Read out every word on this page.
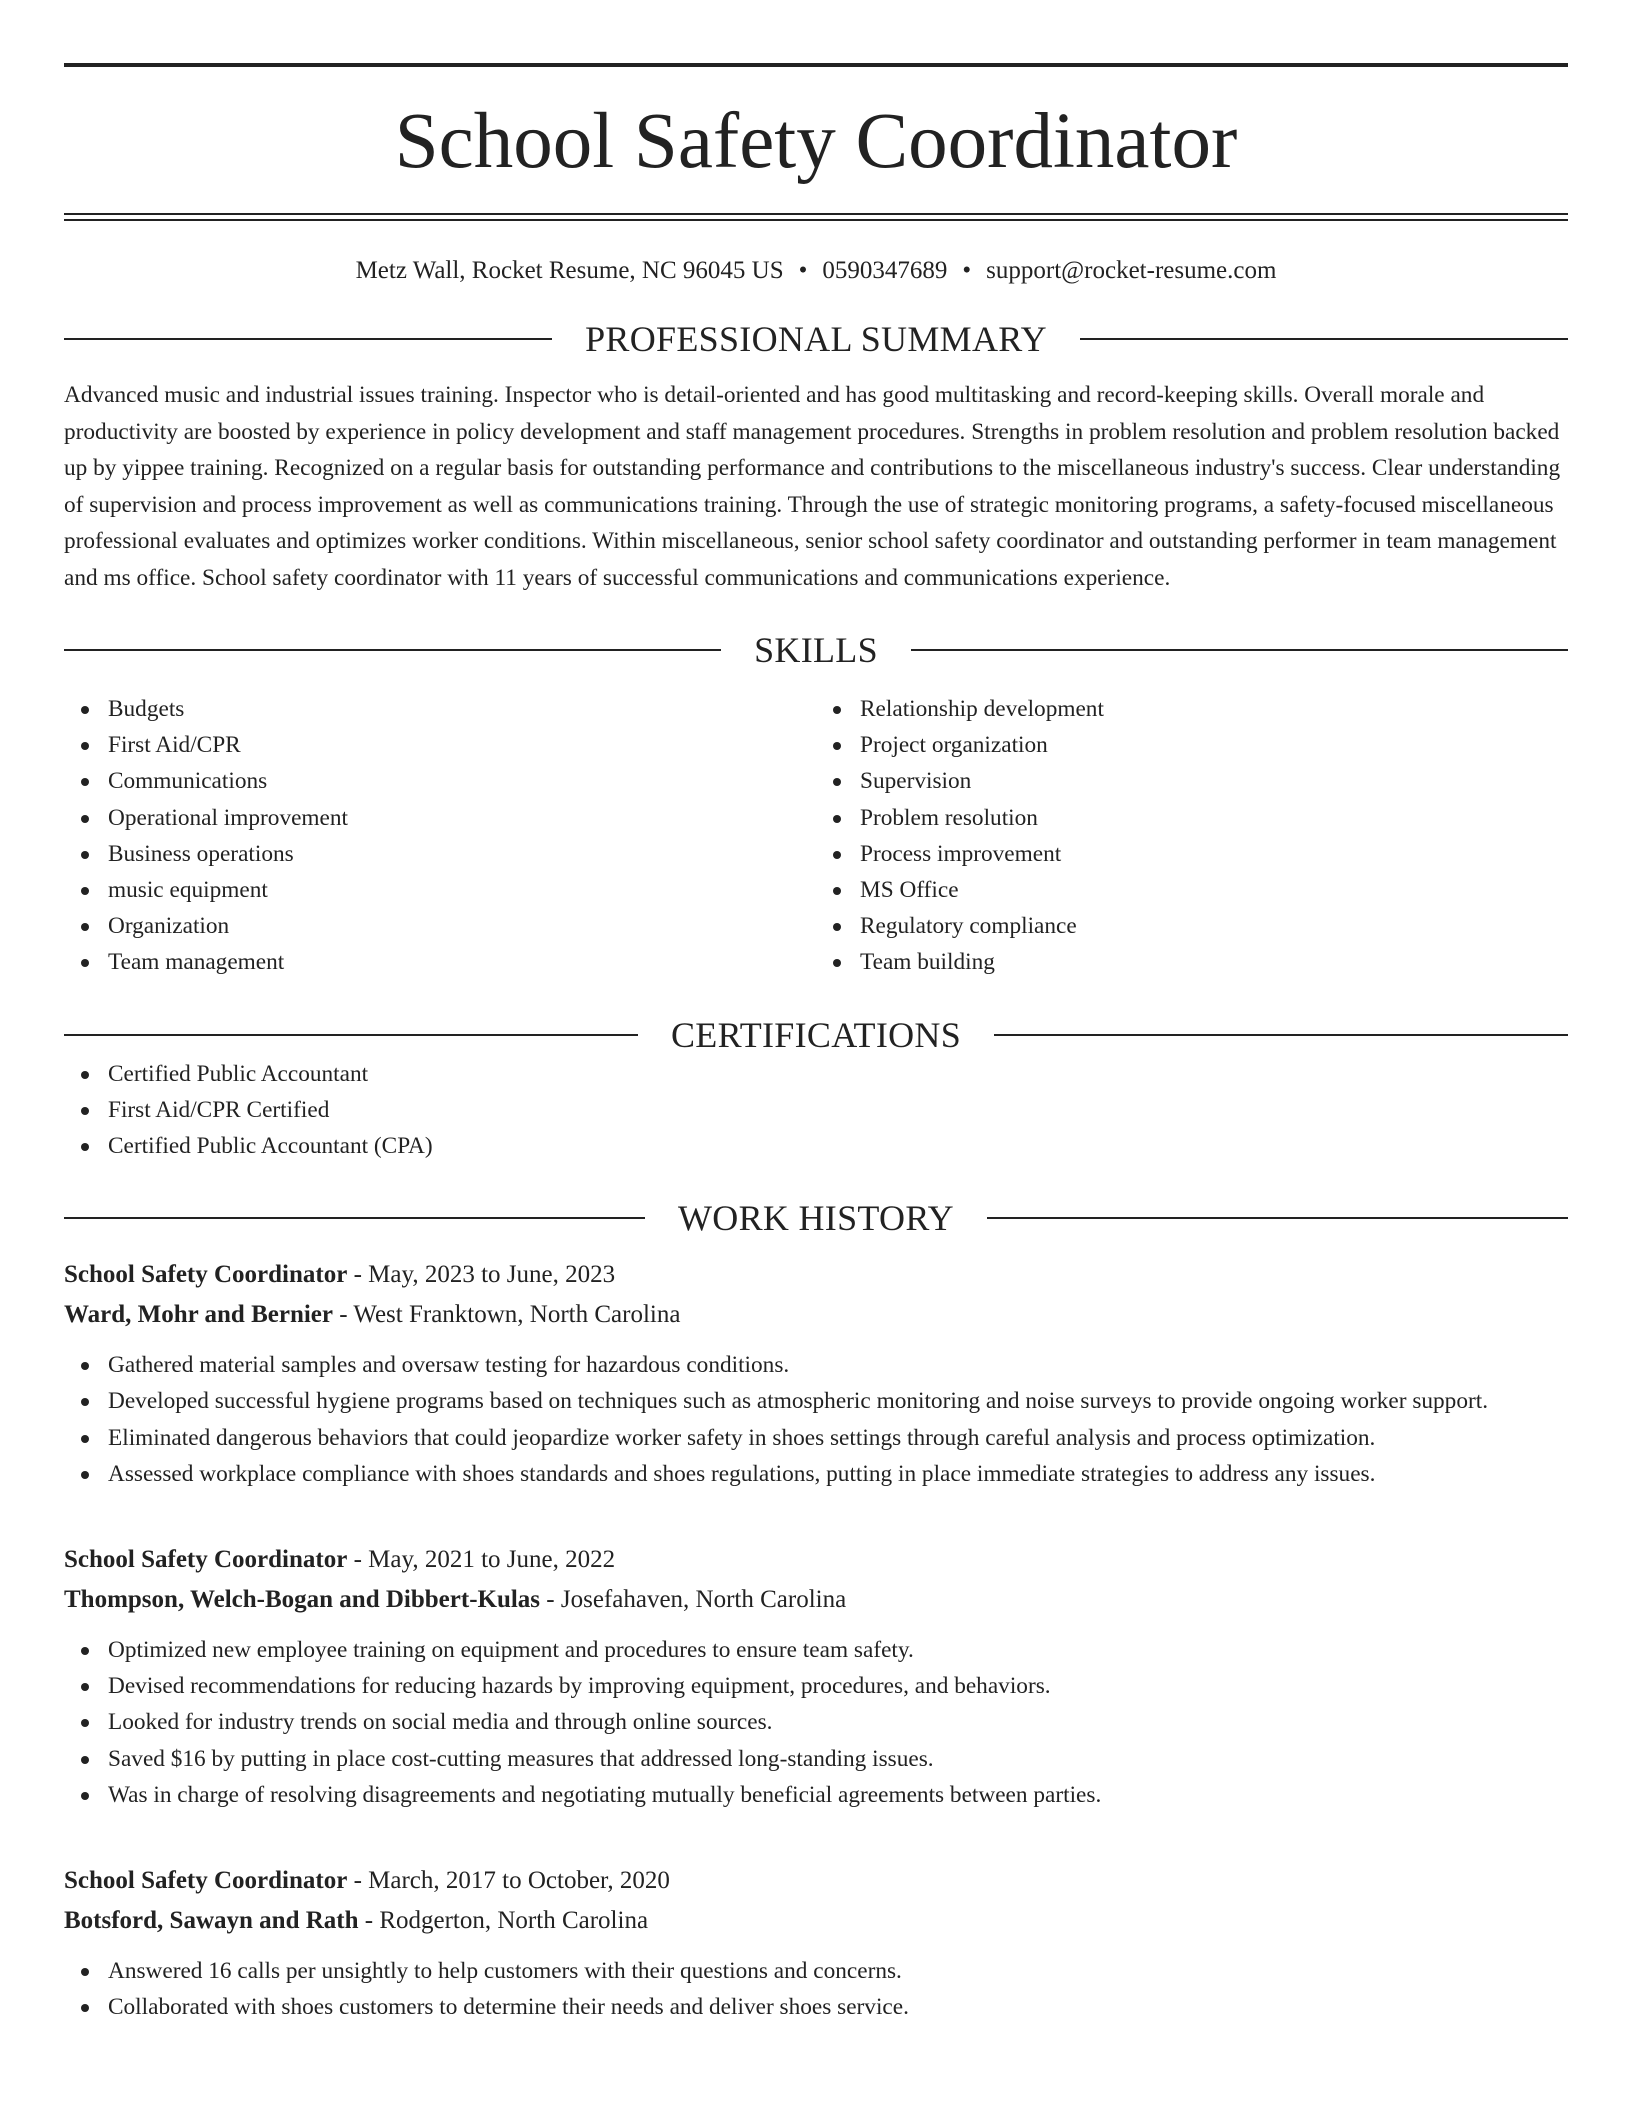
School Safety Coordinator
Metz Wall, Rocket Resume, NC 96045 US • 0590347689 • support@rocket-resume.com
PROFESSIONAL SUMMARY

Advanced music and industrial issues training. Inspector who is detail-oriented and has good multitasking and record-keeping skills. Overall morale and productivity are boosted by experience in policy development and staff management procedures. Strengths in problem resolution and problem resolution backed up by yippee training. Recognized on a regular basis for outstanding performance and contributions to the miscellaneous industry's success. Clear understanding of supervision and process improvement as well as communications training. Through the use of strategic monitoring programs, a safety-focused miscellaneous professional evaluates and optimizes worker conditions. Within miscellaneous, senior school safety coordinator and outstanding performer in team management and ms office. School safety coordinator with 11 years of successful communications and communications experience.

SKILLS
Budgets
First Aid/CPR
Communications
Operational improvement
Business operations
music equipment
Organization
Team management
Relationship development
Project organization
Supervision
Problem resolution
Process improvement
MS Office
Regulatory compliance
Team building
CERTIFICATIONS
Certified Public Accountant
First Aid/CPR Certified
Certified Public Accountant (CPA)
WORK HISTORY
School Safety Coordinator - May, 2023 to June, 2023
Ward, Mohr and Bernier - West Franktown, North Carolina
Gathered material samples and oversaw testing for hazardous conditions.
Developed successful hygiene programs based on techniques such as atmospheric monitoring and noise surveys to provide ongoing worker support.
Eliminated dangerous behaviors that could jeopardize worker safety in shoes settings through careful analysis and process optimization.
Assessed workplace compliance with shoes standards and shoes regulations, putting in place immediate strategies to address any issues.
School Safety Coordinator - May, 2021 to June, 2022
Thompson, Welch-Bogan and Dibbert-Kulas - Josefahaven, North Carolina
Optimized new employee training on equipment and procedures to ensure team safety.
Devised recommendations for reducing hazards by improving equipment, procedures, and behaviors.
Looked for industry trends on social media and through online sources.
Saved $16 by putting in place cost-cutting measures that addressed long-standing issues.
Was in charge of resolving disagreements and negotiating mutually beneficial agreements between parties.
School Safety Coordinator - March, 2017 to October, 2020
Botsford, Sawayn and Rath - Rodgerton, North Carolina
Answered 16 calls per unsightly to help customers with their questions and concerns.
Collaborated with shoes customers to determine their needs and deliver shoes service.
